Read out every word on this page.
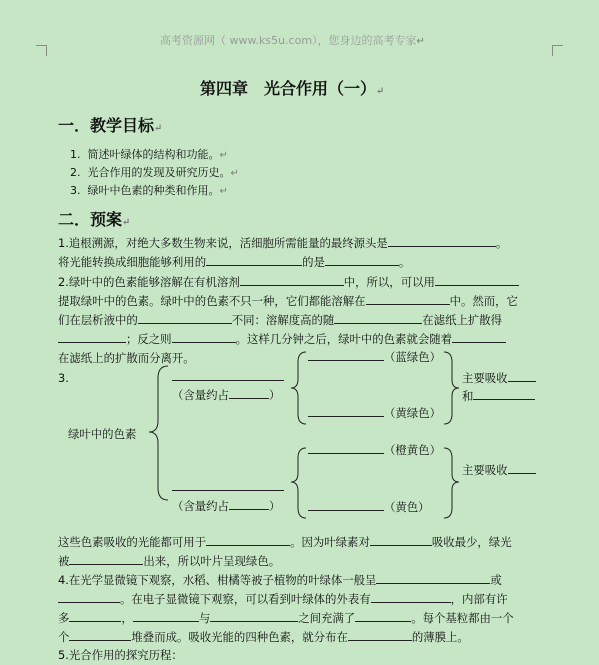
高考资源网（ www.ks5u.com），您身边的高考专家↵
第四章　光合作用（一）↵
一．教学目标↵
1.  简述叶绿体的结构和功能。↵
2.  光合作用的发现及研究历史。↵
3.  绿叶中色素的种类和作用。↵
二．预案↵
1.追根溯源，对绝大多数生物来说，活细胞所需能量的最终源头是	。
将光能转换成细胞能够利用的	的是	。
2.绿叶中的色素能够溶解在有机溶剂	中，所以，可以用
提取绿叶中的色素。绿叶中的色素不只一种，它们都能溶解在	中。然而，它
们在层析液中的	不同：溶解度高的随	在滤纸上扩散得
；反之则	。这样几分钟之后，绿叶中的色素就会随着
在滤纸上的扩散而分离开。
3.
绿叶中的色素
（含量约占	）
（含量约占	）
（蓝绿色）
（黄绿色）
（橙黄色）
（黄色）
主要吸收
和
主要吸收
这些色素吸收的光能都可用于	。因为叶绿素对	吸收最少，绿光
被	出来，所以叶片呈现绿色。
4.在光学显微镜下观察，水稻、柑橘等被子植物的叶绿体一般呈	或
。在电子显微镜下观察，可以看到叶绿体的外表有	，内部有许
多	，	与	之间充满了	。每个基粒都由一个
个	堆叠而成。吸收光能的四种色素，就分布在	的薄膜上。
5.光合作用的探究历程：
